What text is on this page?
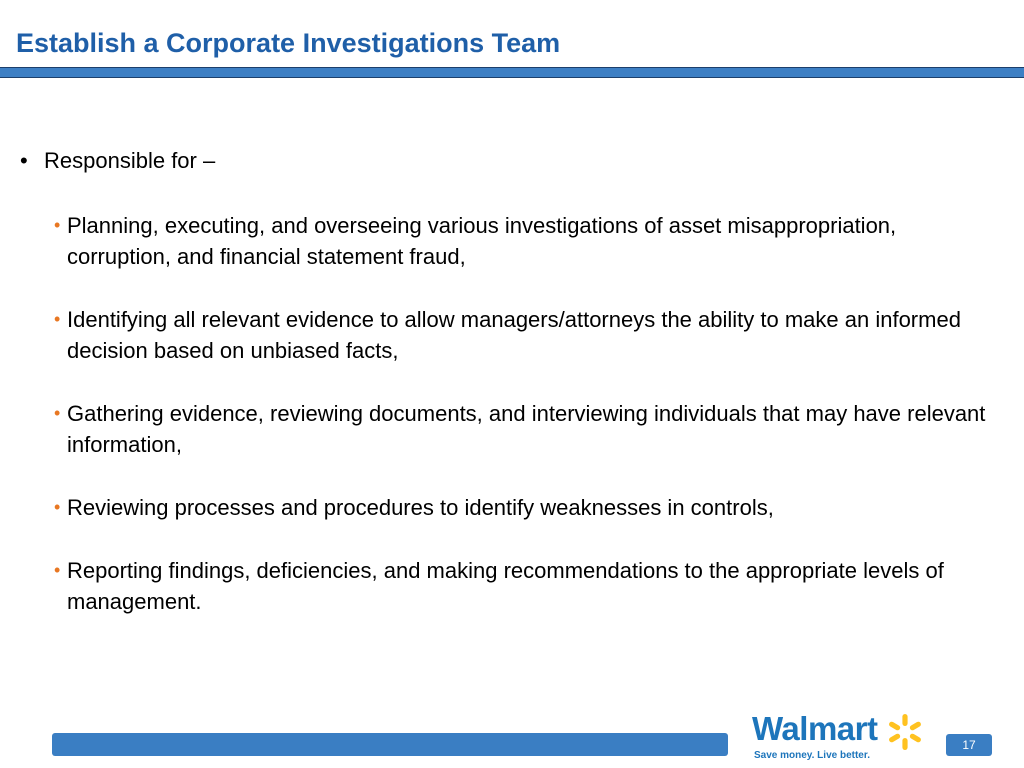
Establish a Corporate Investigations Team
• Responsible for –
• Planning, executing, and overseeing various investigations of asset misappropriation, corruption, and financial statement fraud,
• Identifying all relevant evidence to allow managers/attorneys the ability to make an informed decision based on unbiased facts,
• Gathering evidence, reviewing documents, and interviewing individuals that may have relevant information,
• Reviewing processes and procedures to identify weaknesses in controls,
• Reporting findings, deficiencies, and making recommendations to the appropriate levels of management.
Walmart
Save money. Live better.
17
